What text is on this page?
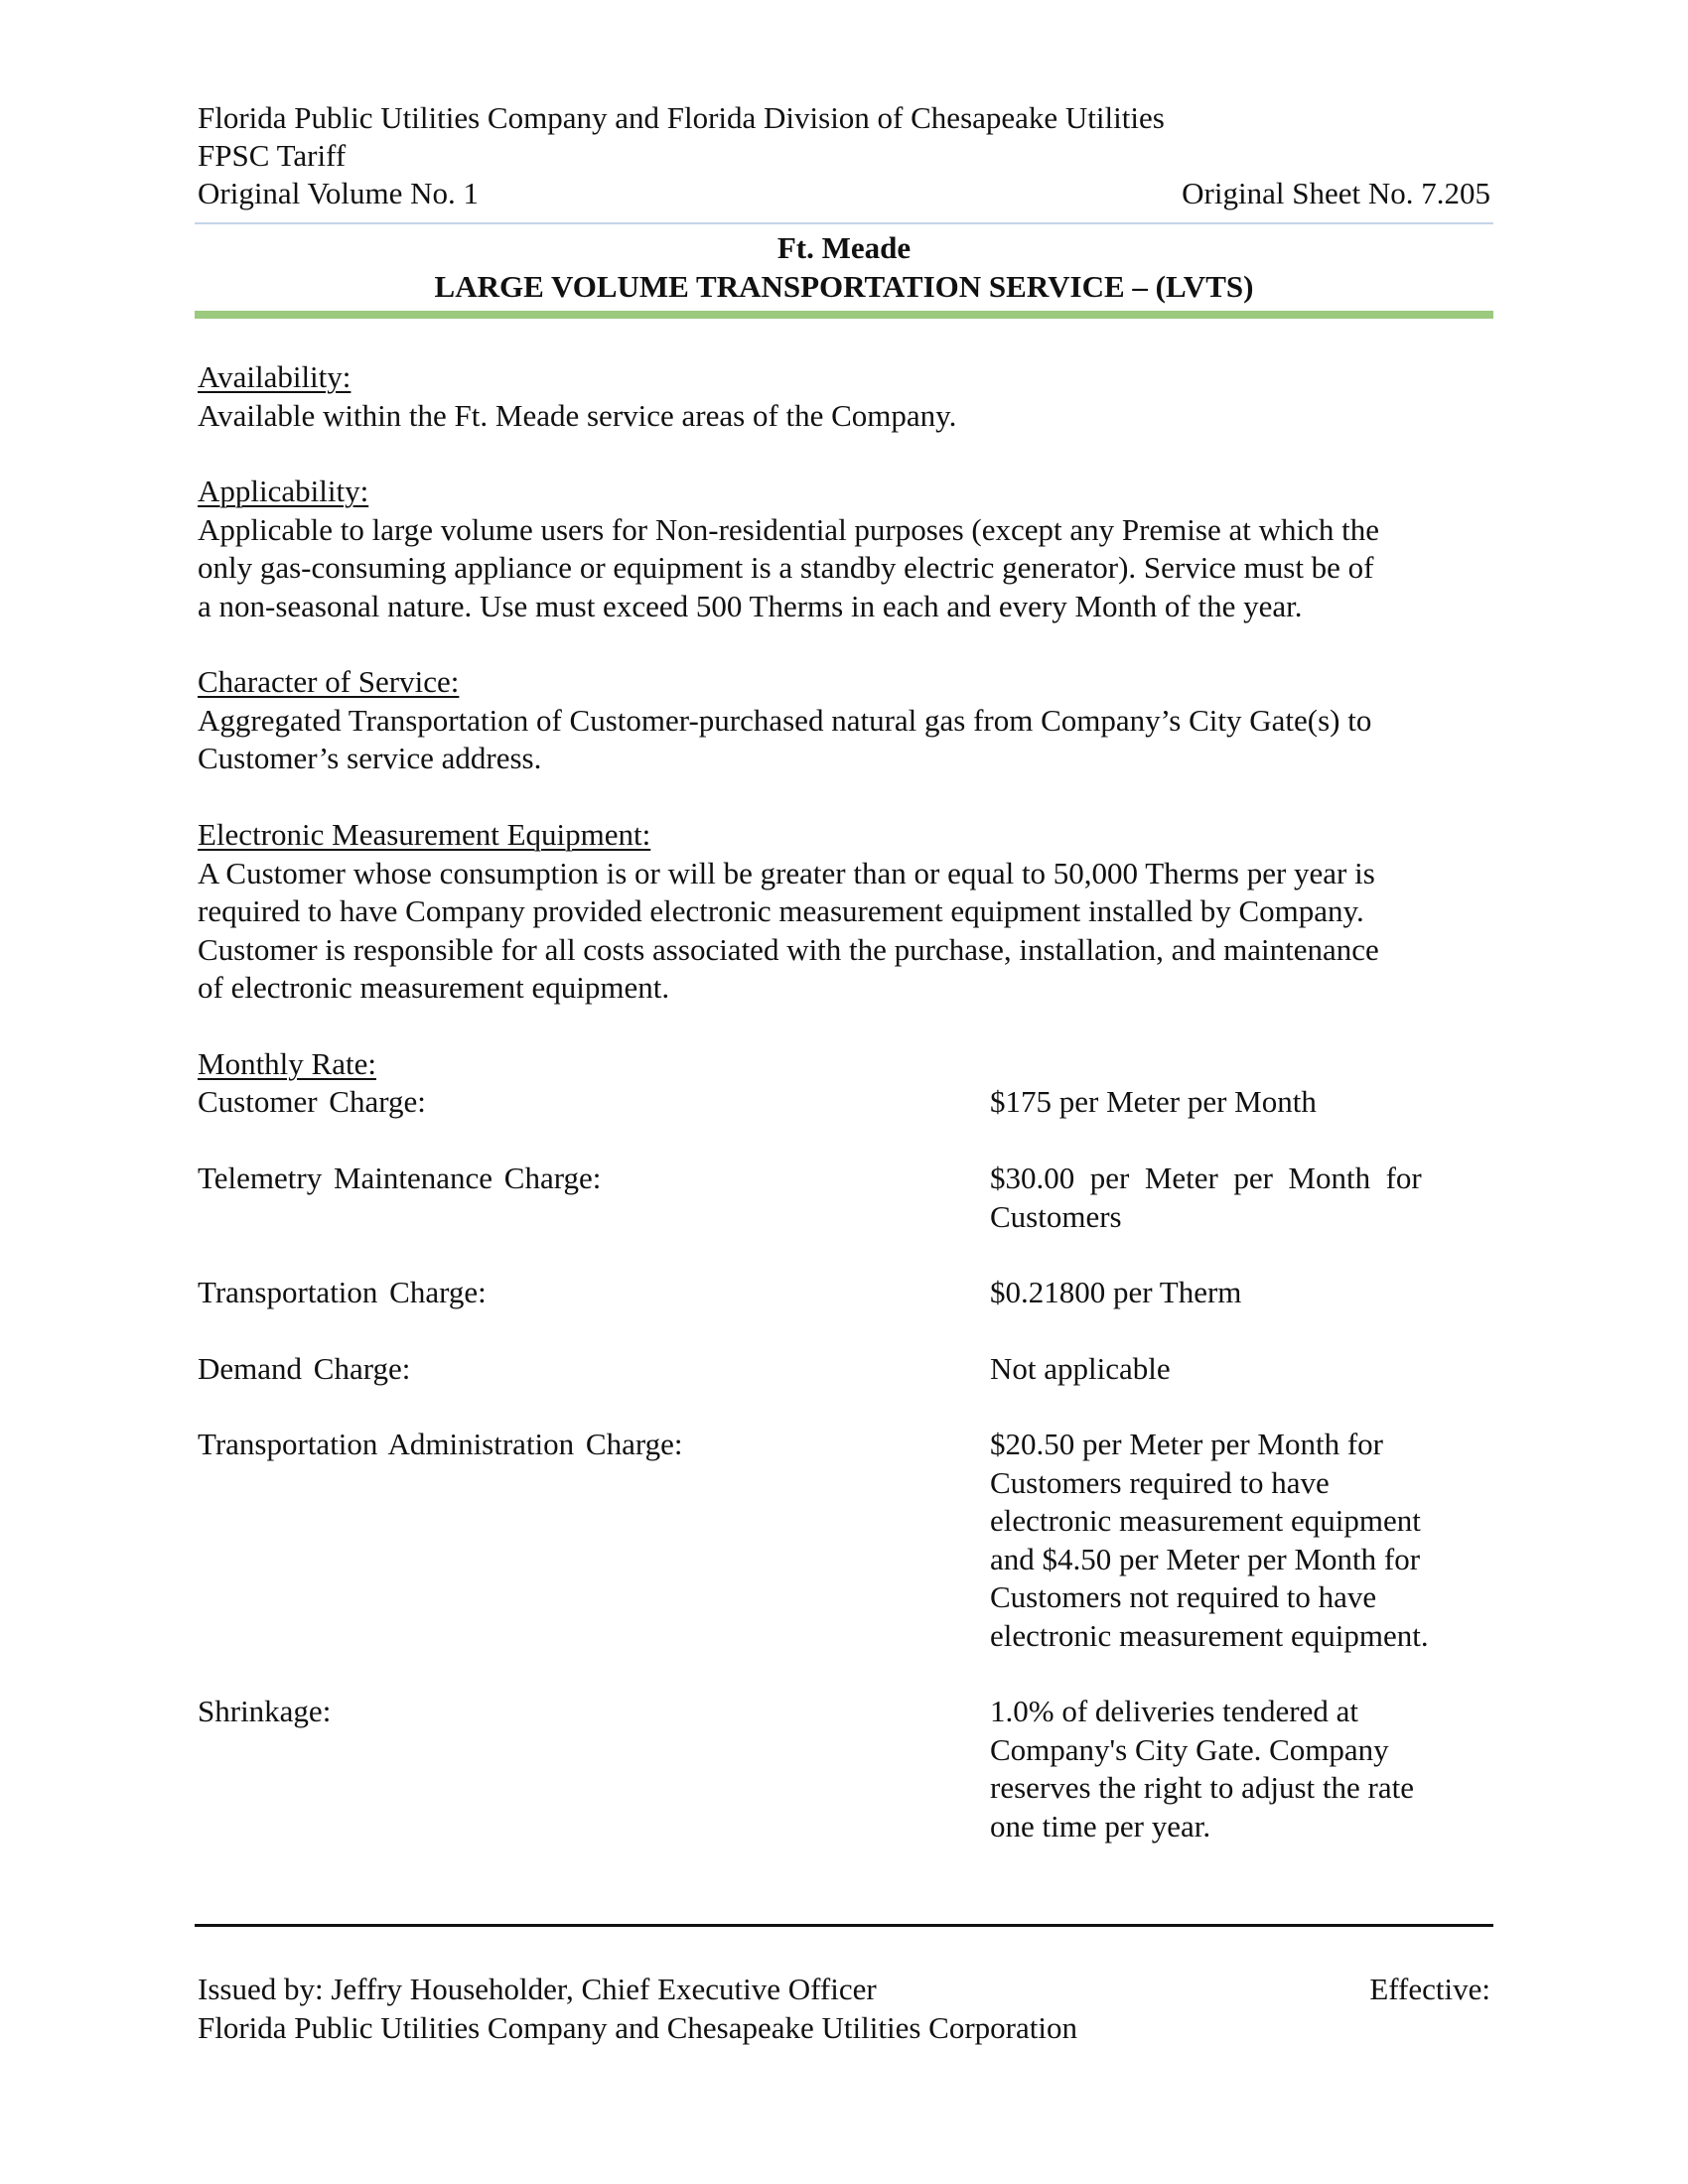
Florida Public Utilities Company and Florida Division of Chesapeake Utilities
FPSC Tariff
Original Volume No. 1	Original Sheet No. 7.205
Ft. Meade
LARGE VOLUME TRANSPORTATION SERVICE – (LVTS)
Availability:
Available within the Ft. Meade service areas of the Company.
Applicability:
Applicable to large volume users for Non-residential purposes (except any Premise at which the
only gas-consuming appliance or equipment is a standby electric generator). Service must be of
a non-seasonal nature. Use must exceed 500 Therms in each and every Month of the year.
Character of Service:
Aggregated Transportation of Customer-purchased natural gas from Company’s City Gate(s) to
Customer’s service address.
Electronic Measurement Equipment:
A Customer whose consumption is or will be greater than or equal to 50,000 Therms per year is
required to have Company provided electronic measurement equipment installed by Company.
Customer is responsible for all costs associated with the purchase, installation, and maintenance
of electronic measurement equipment.
Monthly Rate:
Customer Charge:	$175 per Meter per Month
Telemetry Maintenance Charge:	$30.00  per  Meter  per  Month  for
Customers
Transportation Charge:	$0.21800 per Therm
Demand Charge:	Not applicable
Transportation Administration Charge:	$20.50 per Meter per Month for
Customers required to have
electronic measurement equipment
and $4.50 per Meter per Month for
Customers not required to have
electronic measurement equipment.
Shrinkage:	1.0% of deliveries tendered at
Company's City Gate. Company
reserves the right to adjust the rate
one time per year.
Issued by: Jeffry Householder, Chief Executive Officer	Effective:
Florida Public Utilities Company and Chesapeake Utilities Corporation
